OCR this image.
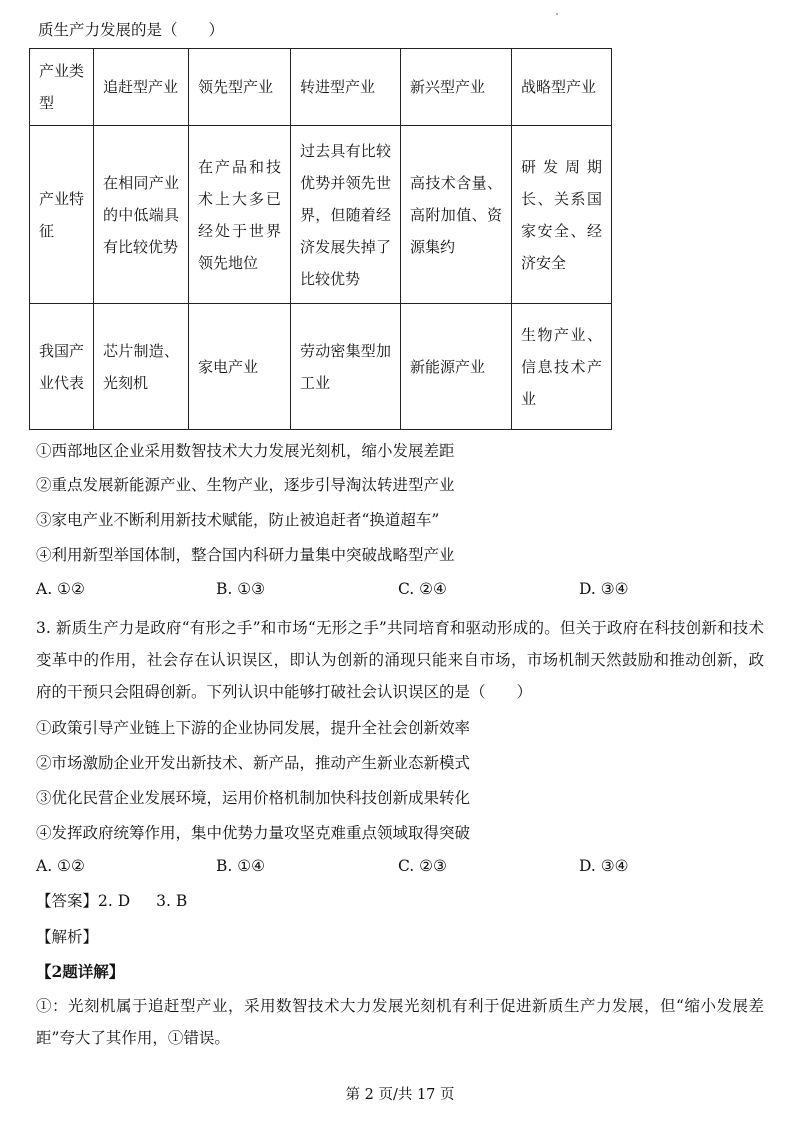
质生产力发展的是（　　）
产业类型	追赶型产业	领先型产业	转进型产业	新兴型产业	战略型产业
产业特征	在相同产业的中低端具有比较优势	在产品和技术上大多已经处于世界领先地位	过去具有比较优势并领先世界，但随着经济发展失掉了比较优势	高技术含量、高附加值、资源集约	研发周期长、关系国家安全、经济安全
我国产业代表	芯片制造、光刻机	家电产业	劳动密集型加工业	新能源产业	生物产业、信息技术产业
①西部地区企业采用数智技术大力发展光刻机，缩小发展差距
②重点发展新能源产业、生物产业，逐步引导淘汰转进型产业
③家电产业不断利用新技术赋能，防止被追赶者“换道超车”
④利用新型举国体制，整合国内科研力量集中突破战略型产业
A. ①②	B. ①③	C. ②④	D. ③④
3. 新质生产力是政府“有形之手”和市场“无形之手”共同培育和驱动形成的。但关于政府在科技创新和技术变革中的作用，社会存在认识误区，即认为创新的涌现只能来自市场，市场机制天然鼓励和推动创新，政府的干预只会阻碍创新。下列认识中能够打破社会认识误区的是（　　）
①政策引导产业链上下游的企业协同发展，提升全社会创新效率
②市场激励企业开发出新技术、新产品，推动产生新业态新模式
③优化民营企业发展环境，运用价格机制加快科技创新成果转化
④发挥政府统筹作用，集中优势力量攻坚克难重点领域取得突破
A. ①②	B. ①④	C. ②③	D. ③④
【答案】2. D 3. B
【解析】
【2题详解】
①：光刻机属于追赶型产业，采用数智技术大力发展光刻机有利于促进新质生产力发展，但“缩小发展差距”夸大了其作用，①错误。
第 2 页/共 17 页
